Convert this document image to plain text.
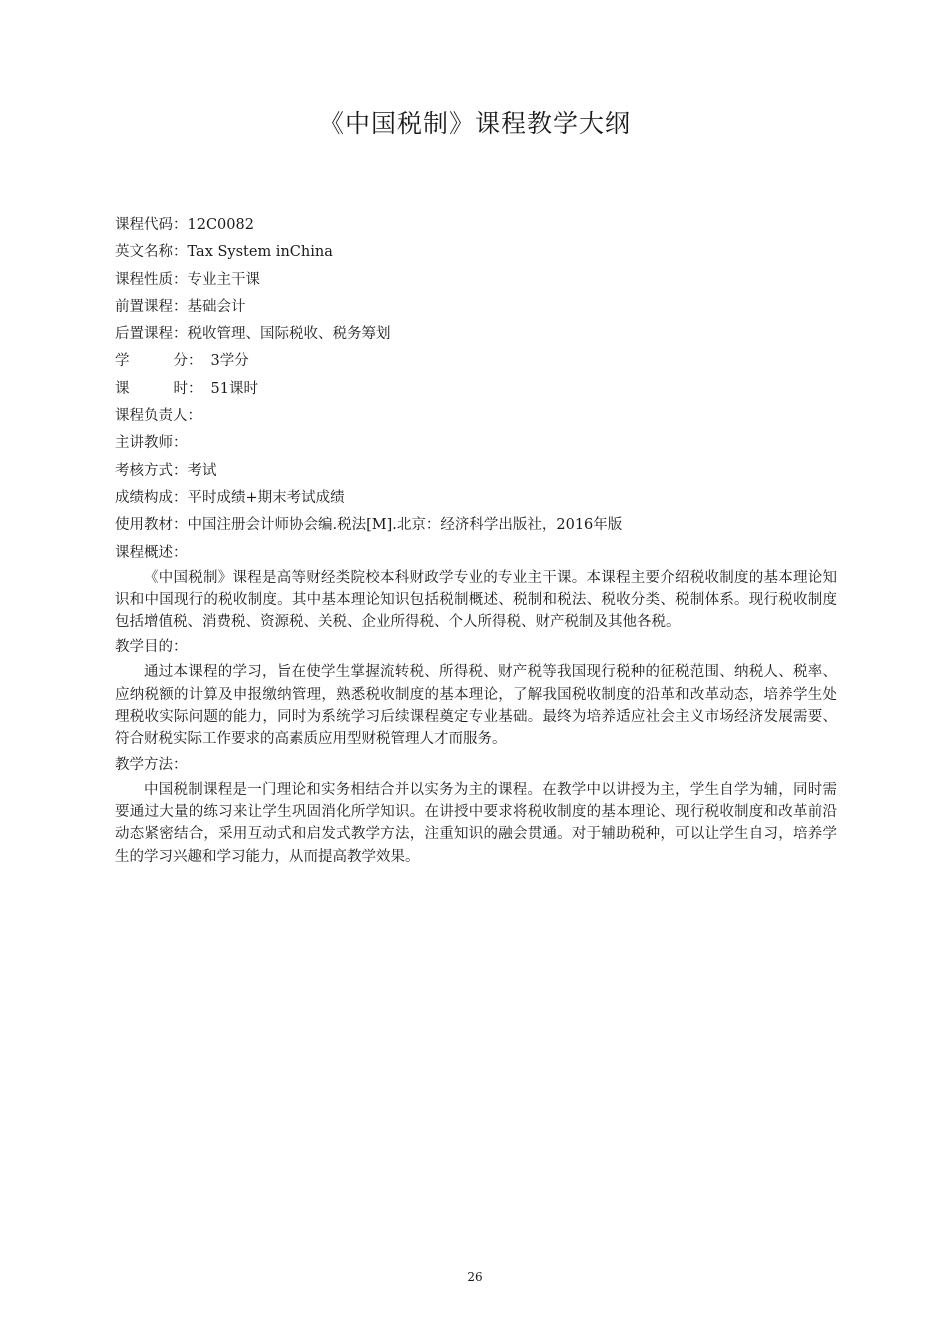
《中国税制》课程教学大纲
课程代码：12C0082
英文名称：Tax System inChina
课程性质：专业主干课
前置课程：基础会计
后置课程：税收管理、国际税收、税务筹划
学	分： 3学分
课	时： 51课时
课程负责人：
主讲教师：
考核方式：考试
成绩构成：平时成绩+期末考试成绩
使用教材：中国注册会计师协会编.税法[M].北京：经济科学出版社，2016年版
课程概述：

《中国税制》课程是高等财经类院校本科财政学专业的专业主干课。本课程主要介绍税收制度的基本理论知识和中国现行的税收制度。其中基本理论知识包括税制概述、税制和税法、税收分类、税制体系。现行税收制度包括增值税、消费税、资源税、关税、企业所得税、个人所得税、财产税制及其他各税。

教学目的：

通过本课程的学习，旨在使学生掌握流转税、所得税、财产税等我国现行税种的征税范围、纳税人、税率、应纳税额的计算及申报缴纳管理，熟悉税收制度的基本理论，了解我国税收制度的沿革和改革动态，培养学生处理税收实际问题的能力，同时为系统学习后续课程奠定专业基础。最终为培养适应社会主义市场经济发展需要、符合财税实际工作要求的高素质应用型财税管理人才而服务。

教学方法：

中国税制课程是一门理论和实务相结合并以实务为主的课程。在教学中以讲授为主，学生自学为辅，同时需要通过大量的练习来让学生巩固消化所学知识。在讲授中要求将税收制度的基本理论、现行税收制度和改革前沿动态紧密结合，采用互动式和启发式教学方法，注重知识的融会贯通。对于辅助税种，可以让学生自习，培养学生的学习兴趣和学习能力，从而提高教学效果。

26
